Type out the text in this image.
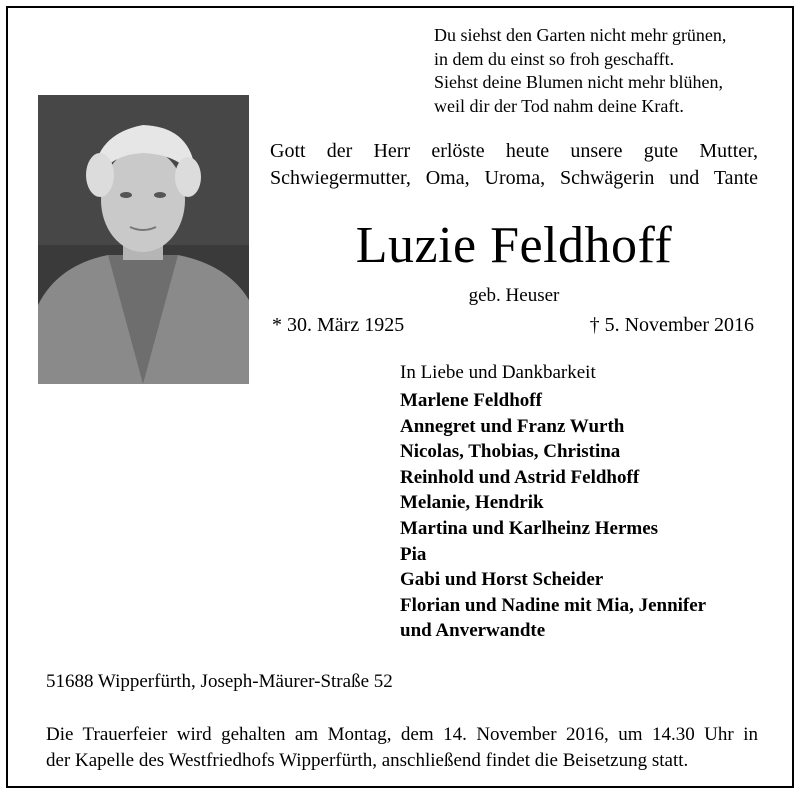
Du siehst den Garten nicht mehr grünen,
in dem du einst so froh geschafft.
Siehst deine Blumen nicht mehr blühen,
weil dir der Tod nahm deine Kraft.
Gott der Herr erlöste heute unsere gute Mutter,
Schwiegermutter, Oma, Uroma, Schwägerin und Tante
Luzie Feldhoff
geb. Heuser
* 30. März 1925	† 5. November 2016
In Liebe und Dankbarkeit
Marlene Feldhoff
Annegret und Franz Wurth
Nicolas, Thobias, Christina
Reinhold und Astrid Feldhoff
Melanie, Hendrik
Martina und Karlheinz Hermes
Pia
Gabi und Horst Scheider
Florian und Nadine mit Mia, Jennifer
und Anverwandte
51688 Wipperfürth, Joseph-Mäurer-Straße 52
Die Trauerfeier wird gehalten am Montag, dem 14. November 2016, um 14.30 Uhr in
der Kapelle des Westfriedhofs Wipperfürth, anschließend findet die Beisetzung statt.
